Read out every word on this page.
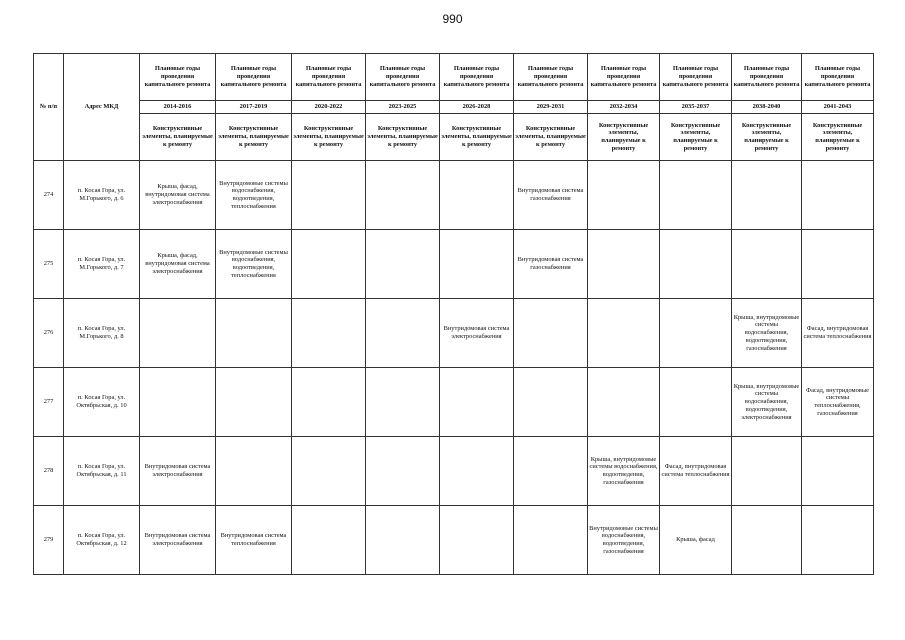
990
№ п/п	Адрес МКД	Плановые годы проведения капитального ремонта	Плановые годы проведения капитального ремонта	Плановые годы проведения капитального ремонта	Плановые годы проведения капитального ремонта	Плановые годы проведения капитального ремонта	Плановые годы проведения капитального ремонта	Плановые годы проведения капитального ремонта	Плановые годы проведения капитального ремонта	Плановые годы проведения капитального ремонта	Плановые годы проведения капитального ремонта
		2014-2016	2017-2019	2020-2022	2023-2025	2026-2028	2029-2031	2032-2034	2035-2037	2038-2040	2041-2043
		Конструктивные элементы, планируемые к ремонту	Конструктивные элементы, планируемые к ремонту	Конструктивные элементы, планируемые к ремонту	Конструктивные элементы, планируемые к ремонту	Конструктивные элементы, планируемые к ремонту	Конструктивные элементы, планируемые к ремонту	Конструктивные элементы, планируемые к ремонту	Конструктивные элементы, планируемые к ремонту	Конструктивные элементы, планируемые к ремонту	Конструктивные элементы, планируемые к ремонту
274	п. Косая Гора, ул. М.Горького, д. 6	Крыша, фасад, внутридомовая система электроснабжения	Внутридомовые системы водоснабжения, водоотведения, теплоснабжения				Внутридомовая система газоснабжения				
275	п. Косая Гора, ул. М.Горького, д. 7	Крыша, фасад, внутридомовая система электроснабжения	Внутридомовые системы водоснабжения, водоотведения, теплоснабжения				Внутридомовая система газоснабжения				
276	п. Косая Гора, ул. М.Горького, д. 8					Внутридомовая система электроснабжения				Крыша, внутридомовые системы водоснабжения, водоотведения, газоснабжения	Фасад, внутридомовая система теплоснабжения
277	п. Косая Гора, ул. Октябрьская, д. 10									Крыша, внутридомовые системы водоснабжения, водоотведения, электроснабжения	Фасад, внутридомовые системы теплоснабжения, газоснабжения
278	п. Косая Гора, ул. Октябрьская, д. 11	Внутридомовая система электроснабжения						Крыша, внутридомовые системы водоснабжения, водоотведения, газоснабжения	Фасад, внутридомовая система теплоснабжения		
279	п. Косая Гора, ул. Октябрьская, д. 12	Внутридомовая система электроснабжения	Внутридомовая система теплоснабжения					Внутридомовые системы водоснабжения, водоотведения, газоснабжения	Крыша, фасад		
